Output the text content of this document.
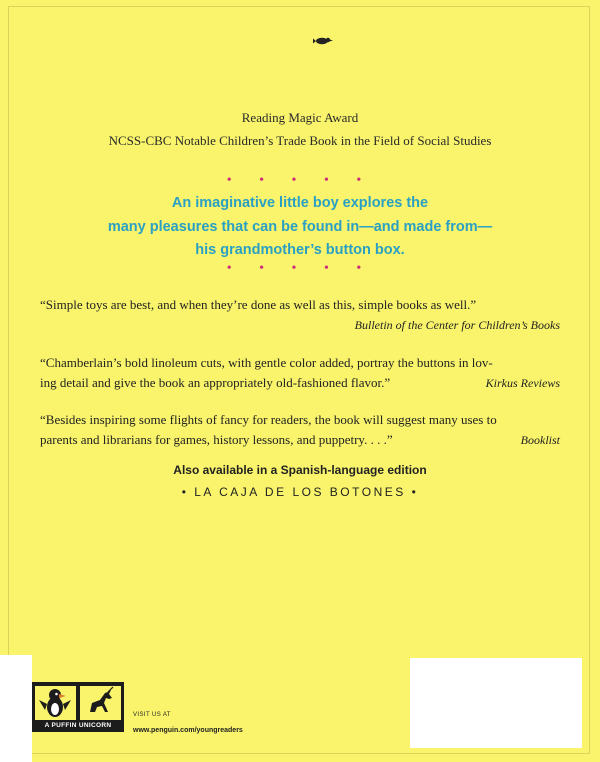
Reading Magic Award
NCSS-CBC Notable Children’s Trade Book in the Field of Social Studies
• • • • •
An imaginative little boy explores the
many pleasures that can be found in—and made from—
his grandmother’s button box.
• • • • •
“Simple toys are best, and when they’re done as well as this, simple books as well.”
Bulletin of the Center for Children’s Books
“Chamberlain’s bold linoleum cuts, with gentle color added, portray the buttons in lov-
ing detail and give the book an appropriately old-fashioned flavor.”	Kirkus Reviews
“Besides inspiring some flights of fancy for readers, the book will suggest many uses to
parents and librarians for games, history lessons, and puppetry. . . .”	Booklist
Also available in a Spanish-language edition
• LA CAJA DE LOS BOTONES •
A PUFFIN UNICORN
VISIT US AT
www.penguin.com/youngreaders
